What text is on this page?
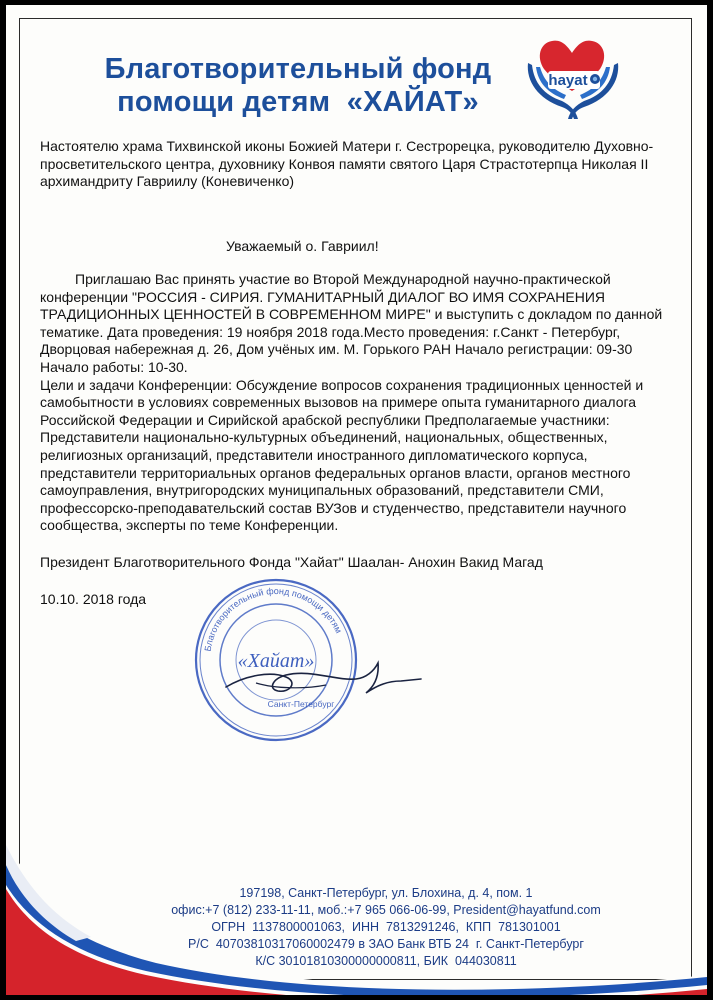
Благотворительный фонд
помощи детям  «ХАЙАТ»
hayat
Настоятелю храма Тихвинской иконы Божией Матери г. Сестрорецка, руководителю Духовно-просветительского центра, духовнику Конвоя памяти святого Царя Страстотерпца Николая II архимандриту Гавриилу (Коневиченко)
Уважаемый о. Гавриил!

Приглашаю Вас принять участие во Второй Международной научно-практической конференции "РОССИЯ - СИРИЯ. ГУМАНИТАРНЫЙ ДИАЛОГ ВО ИМЯ СОХРАНЕНИЯ ТРАДИЦИОННЫХ ЦЕННОСТЕЙ В СОВРЕМЕННОМ МИРЕ" и выступить с докладом по данной тематике. Дата проведения: 19 ноября 2018 года.Место проведения: г.Санкт - Петербург, Дворцовая набережная д. 26, Дом учёных им. М. Горького РАН Начало регистрации: 09-30 Начало работы: 10-30.

Цели и задачи Конференции: Обсуждение вопросов сохранения традиционных ценностей и самобытности в условиях современных вызовов на примере опыта гуманитарного диалога Российской Федерации и Сирийской арабской республики Предполагаемые участники: Представители национально-культурных объединений, национальных, общественных, религиозных организаций, представители иностранного дипломатического корпуса, представители территориальных органов федеральных органов власти, органов местного самоуправления, внутригородских муниципальных образований, представители СМИ, профессорско-преподавательский состав ВУЗов и студенчество, представители научного сообщества, эксперты по теме Конференции.

Президент Благотворительного Фонда "Хайат" Шаалан- Анохин Вакид Магад
10.10. 2018 года
Благотворительный фонд помощи детям
«Хайат»
Санкт-Петербург
197198, Санкт-Петербург, ул. Блохина, д. 4, пом. 1
офис:+7 (812) 233-11-11, моб.:+7 965 066-06-99, President@hayatfund.com
ОГРН  1137800001063,  ИНН  7813291246,  КПП  781301001
Р/С  40703810317060002479 в ЗАО Банк ВТБ 24  г. Санкт-Петербург
К/С 30101810300000000811, БИК  044030811
